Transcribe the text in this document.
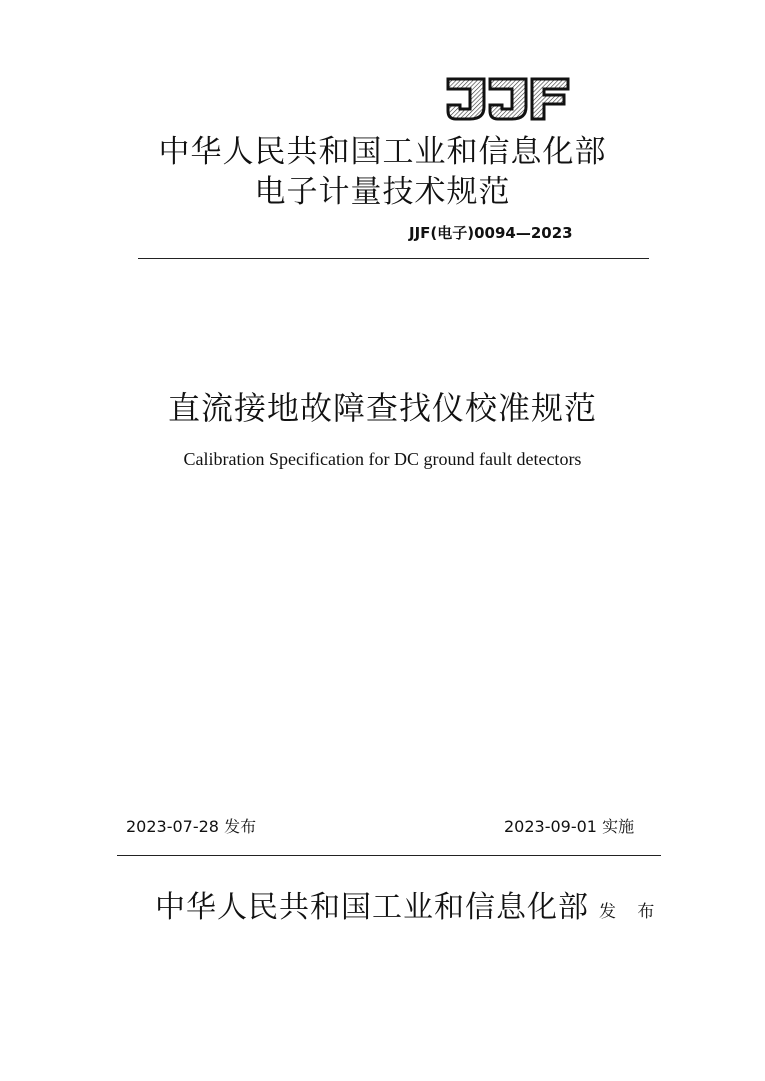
中华人民共和国工业和信息化部
电子计量技术规范
JJF(电子)0094—2023
直流接地故障查找仪校准规范
Calibration Specification for DC ground fault detectors
2023-07-28 发布	2023-09-01 实施
中华人民共和国工业和信息化部 发 布
